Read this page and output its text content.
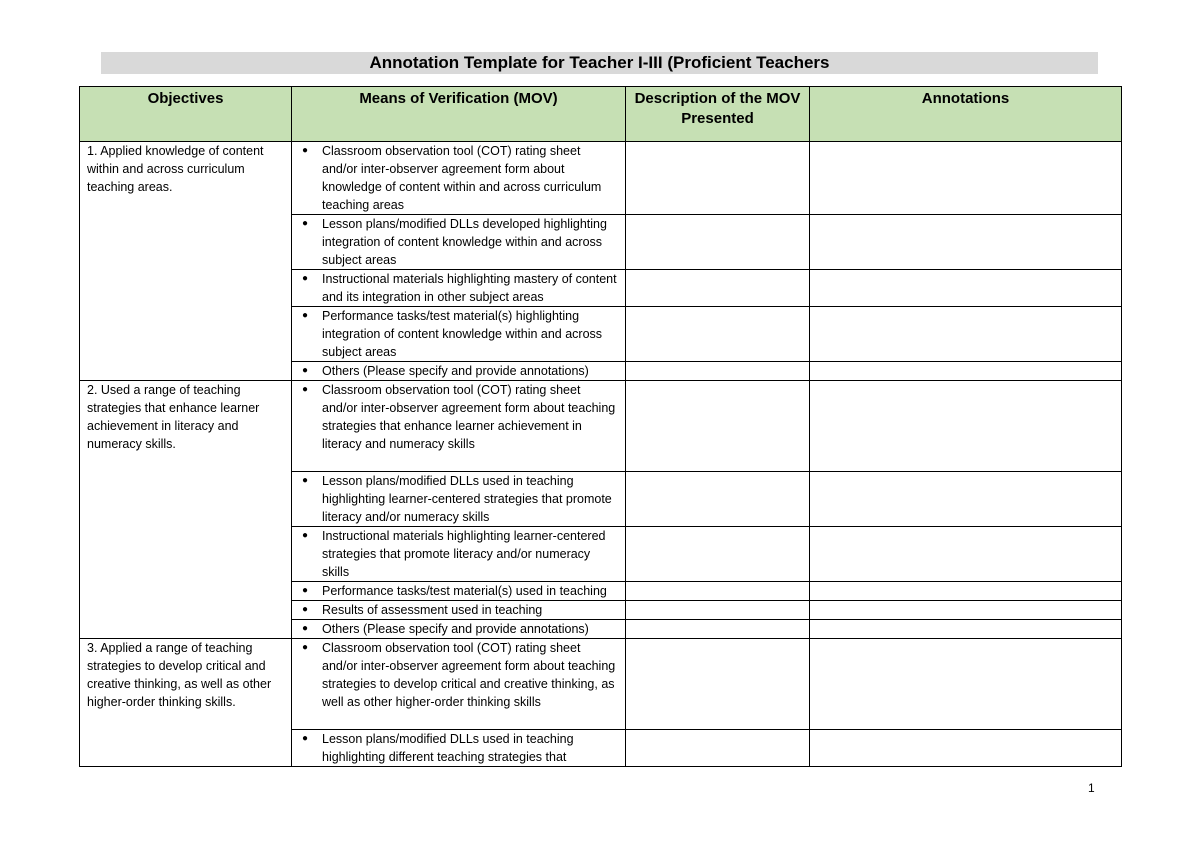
Annotation Template for Teacher I-III (Proficient Teachers
Objectives	Means of Verification (MOV)	Description of the MOV Presented	Annotations
1. Applied knowledge of content within and across curriculum teaching areas.	● Classroom observation tool (COT) rating sheet and/or inter-observer agreement form about knowledge of content within and across curriculum teaching areas		

	● Lesson plans/modified DLLs developed highlighting integration of content knowledge within and across subject areas		

	● Instructional materials highlighting mastery of content and its integration in other subject areas		

	● Performance tasks/test material(s) highlighting integration of content knowledge within and across subject areas		

	● Others (Please specify and provide annotations)		

2. Used a range of teaching strategies that enhance learner achievement in literacy and numeracy skills.	● Classroom observation tool (COT) rating sheet and/or inter-observer agreement form about teaching strategies that enhance learner achievement in literacy and numeracy skills		

	● Lesson plans/modified DLLs used in teaching highlighting learner-centered strategies that promote literacy and/or numeracy skills		

	● Instructional materials highlighting learner-centered strategies that promote literacy and/or numeracy skills		

	● Performance tasks/test material(s) used in teaching		

	● Results of assessment used in teaching		

	● Others (Please specify and provide annotations)		

3. Applied a range of teaching strategies to develop critical and creative thinking, as well as other higher-order thinking skills.	● Classroom observation tool (COT) rating sheet and/or inter-observer agreement form about teaching strategies to develop critical and creative thinking, as well as other higher-order thinking skills		

	● Lesson plans/modified DLLs used in teaching highlighting different teaching strategies that		

1
